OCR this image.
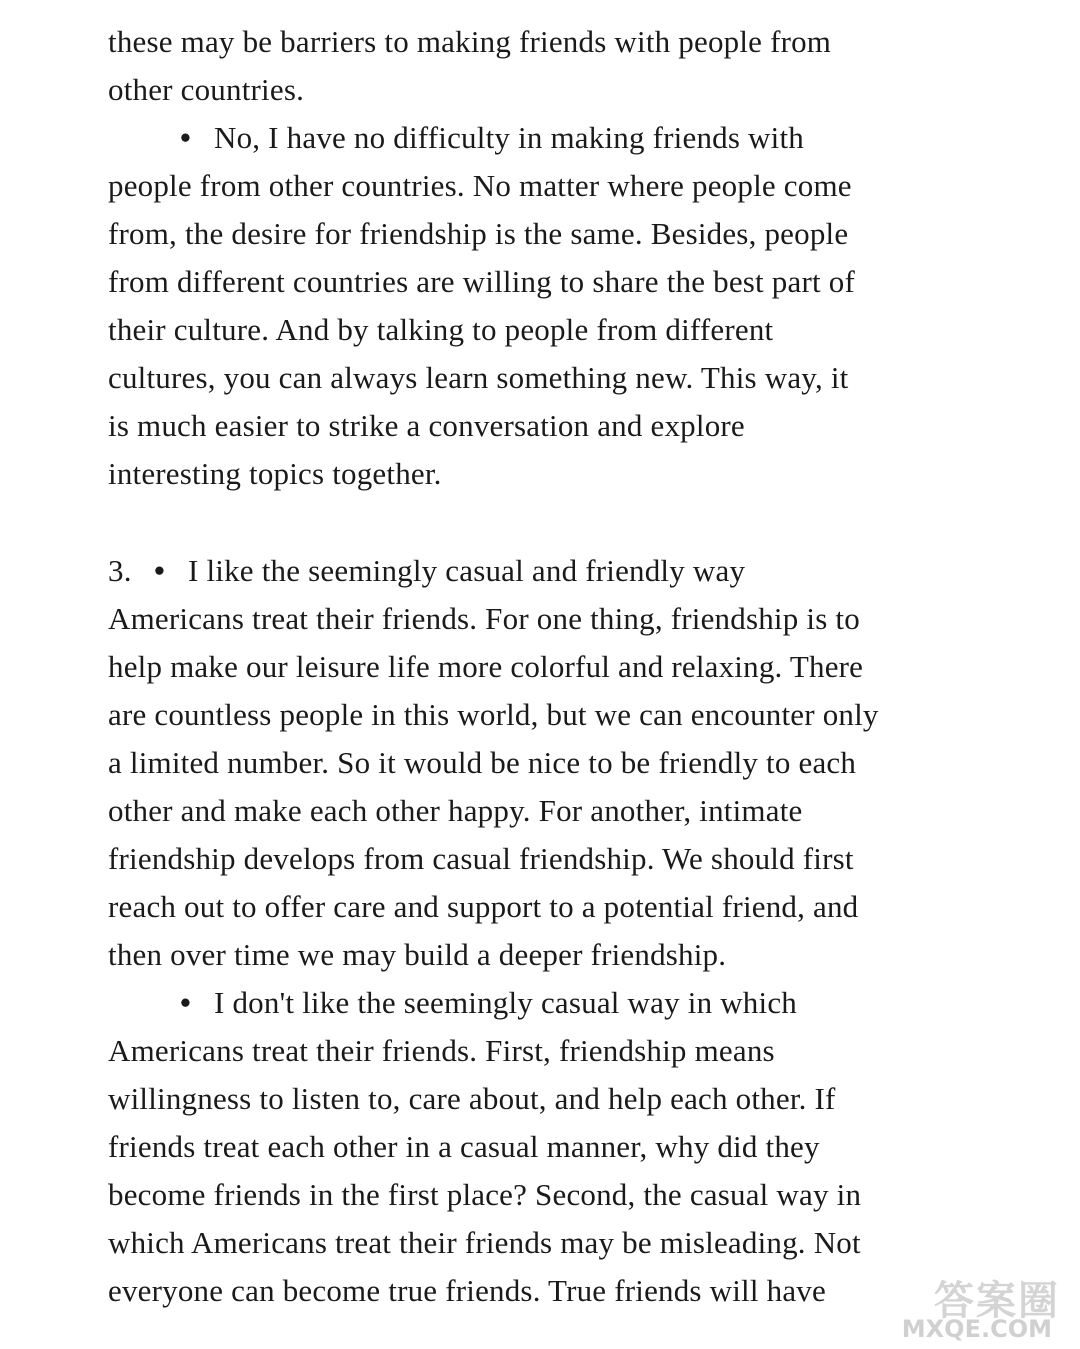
these may be barriers to making friends with people from
other countries.
• No, I have no difficulty in making friends with
people from other countries. No matter where people come
from, the desire for friendship is the same. Besides, people
from different countries are willing to share the best part of
their culture. And by talking to people from different
cultures, you can always learn something new. This way, it
is much easier to strike a conversation and explore
interesting topics together.
3. • I like the seemingly casual and friendly way
Americans treat their friends. For one thing, friendship is to
help make our leisure life more colorful and relaxing. There
are countless people in this world, but we can encounter only
a limited number. So it would be nice to be friendly to each
other and make each other happy. For another, intimate
friendship develops from casual friendship. We should first
reach out to offer care and support to a potential friend, and
then over time we may build a deeper friendship.
• I don't like the seemingly casual way in which
Americans treat their friends. First, friendship means
willingness to listen to, care about, and help each other. If
friends treat each other in a casual manner, why did they
become friends in the first place? Second, the casual way in
which Americans treat their friends may be misleading. Not
everyone can become true friends. True friends will have	答案圈
MXQE.COM
